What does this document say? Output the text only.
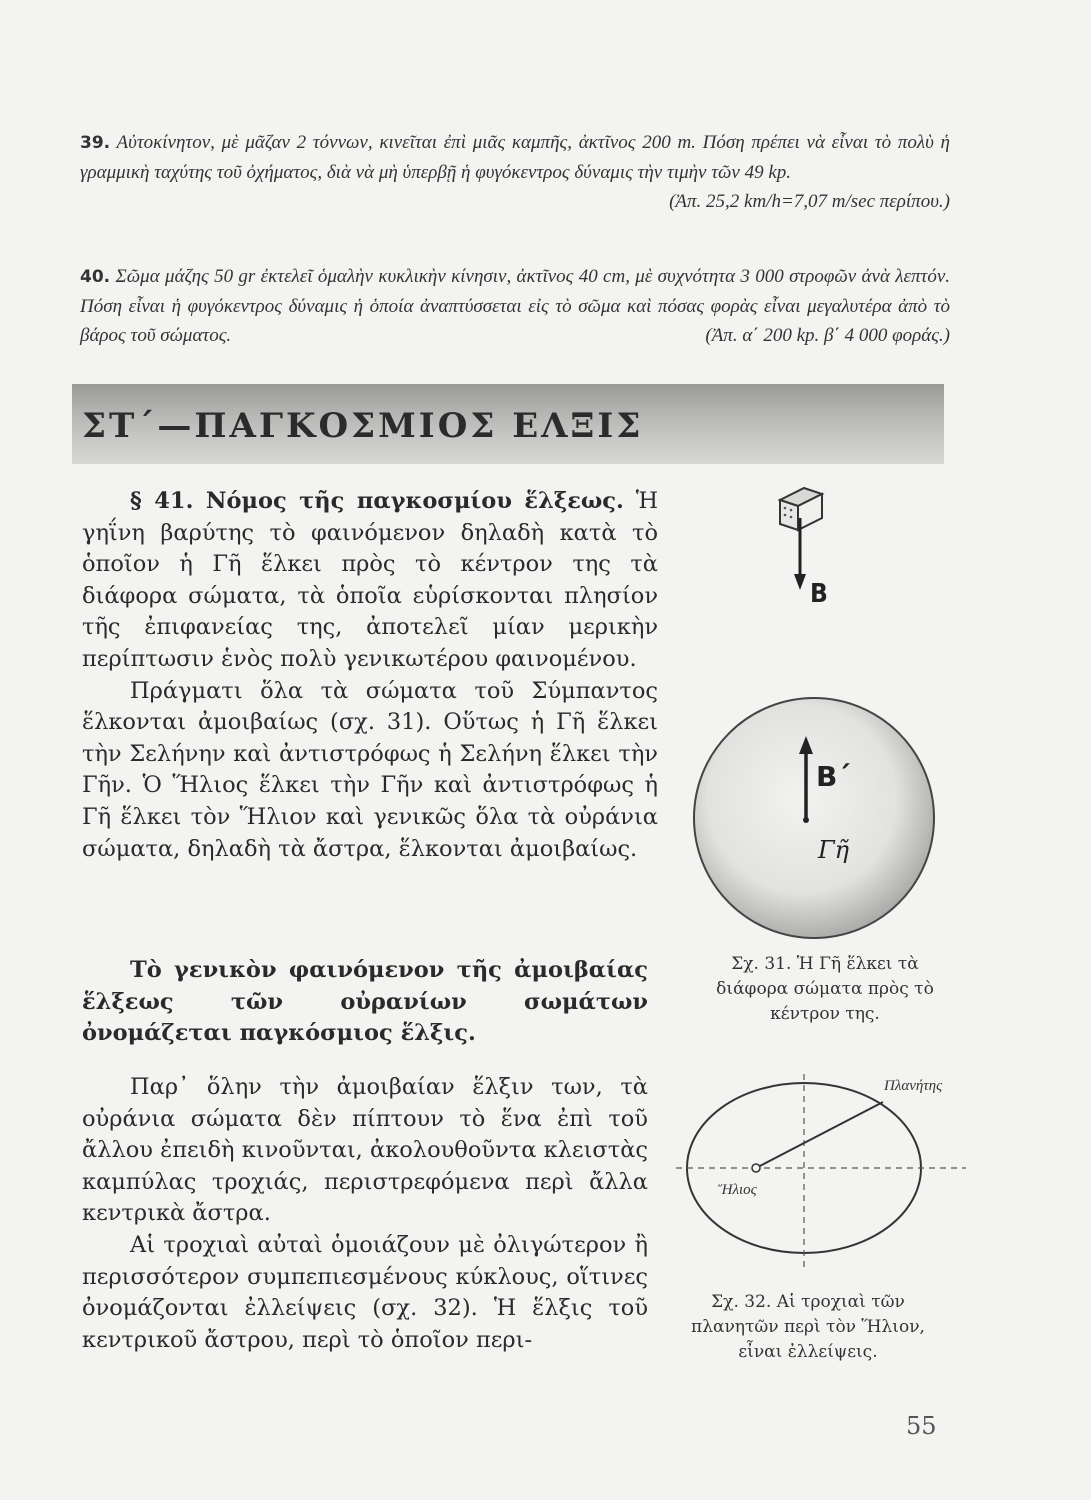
39. Αὐτοκίνητον, μὲ μᾶζαν 2 τόννων, κινεῖται ἐπὶ μιᾶς καμπῆς, ἀκτῖνος 200 m. Πόση πρέπει νὰ εἶναι τὸ πολὺ ἡ γραμμικὴ ταχύτης τοῦ ὀχήματος, διὰ νὰ μὴ ὑπερβῇ ἡ φυγόκεντρος δύναμις τὴν τιμὴν τῶν 49 kp.
(Ἀπ. 25,2 km/h=7,07 m/sec περίπου.)
40. Σῶμα μάζης 50 gr ἐκτελεῖ ὁμαλὴν κυκλικὴν κίνησιν, ἀκτῖνος 40 cm, μὲ συχνότητα 3 000 στροφῶν ἀνὰ λεπτόν. Πόση εἶναι ἡ φυγόκεντρος δύναμις ἡ ὁποία ἀναπτύσσεται εἰς τὸ σῶμα καὶ πόσας φορὰς εἶναι μεγαλυτέρα ἀπὸ τὸ βάρος τοῦ σώματος.	(Ἀπ. α΄ 200 kp. β΄ 4 000 φοράς.)
ΣΤ΄—ΠΑΓΚΟΣΜΙΟΣ ΕΛΞΙΣ

§ 41. Νόμος τῆς παγκοσμίου ἕλξεως. Ἡ γηΐνη βαρύτης τὸ φαινόμενον δηλαδὴ κατὰ τὸ ὁποῖον ἡ Γῆ ἕλκει πρὸς τὸ κέντρον της τὰ διάφορα σώματα, τὰ ὁποῖα εὑρίσκονται πλησίον τῆς ἐπιφανείας της, ἀποτελεῖ μίαν μερικὴν περίπτωσιν ἑνὸς πολὺ γενικωτέρου φαινομένου.

Πράγματι ὅλα τὰ σώματα τοῦ Σύμπαντος ἕλκονται ἀμοιβαίως (σχ. 31). Οὕτως ἡ Γῆ ἕλκει τὴν Σελήνην καὶ ἀντιστρόφως ἡ Σελήνη ἕλκει τὴν Γῆν. Ὁ Ἥλιος ἕλκει τὴν Γῆν καὶ ἀντιστρόφως ἡ Γῆ ἕλκει τὸν Ἥλιον καὶ γενικῶς ὅλα τὰ οὐράνια σώματα, δηλαδὴ τὰ ἄστρα, ἕλκονται ἀμοιβαίως.

Τὸ γενικὸν φαινόμενον τῆς ἀμοιβαίας ἕλξεως τῶν οὐρανίων σωμάτων ὀνομάζεται παγκόσμιος ἕλξις.

Παρ᾽ ὅλην τὴν ἀμοιβαίαν ἕλξιν των, τὰ οὐράνια σώματα δὲν πίπτουν τὸ ἕνα ἐπὶ τοῦ ἄλλου ἐπειδὴ κινοῦνται, ἀκολουθοῦντα κλειστὰς καμπύλας τροχιάς, περιστρεφόμενα περὶ ἄλλα κεντρικὰ ἄστρα.

Αἱ τροχιαὶ αὐταὶ ὁμοιάζουν μὲ ὀλιγώτερον ἢ περισσότερον συμπεπιεσμένους κύκλους, οἵτινες ὀνομάζονται ἐλλείψεις (σχ. 32). Ἡ ἕλξις τοῦ κεντρικοῦ ἄστρου, περὶ τὸ ὁποῖον περι-

B
B΄
Γῆ
Σχ. 31. Ἡ Γῆ ἕλκει τὰ διάφορα σώματα πρὸς τὸ κέντρον της.
Πλανήτης
Ἥλιος
Σχ. 32. Αἱ τροχιαὶ τῶν πλανητῶν περὶ τὸν Ἥλιον, εἶναι ἐλλείψεις.
55
